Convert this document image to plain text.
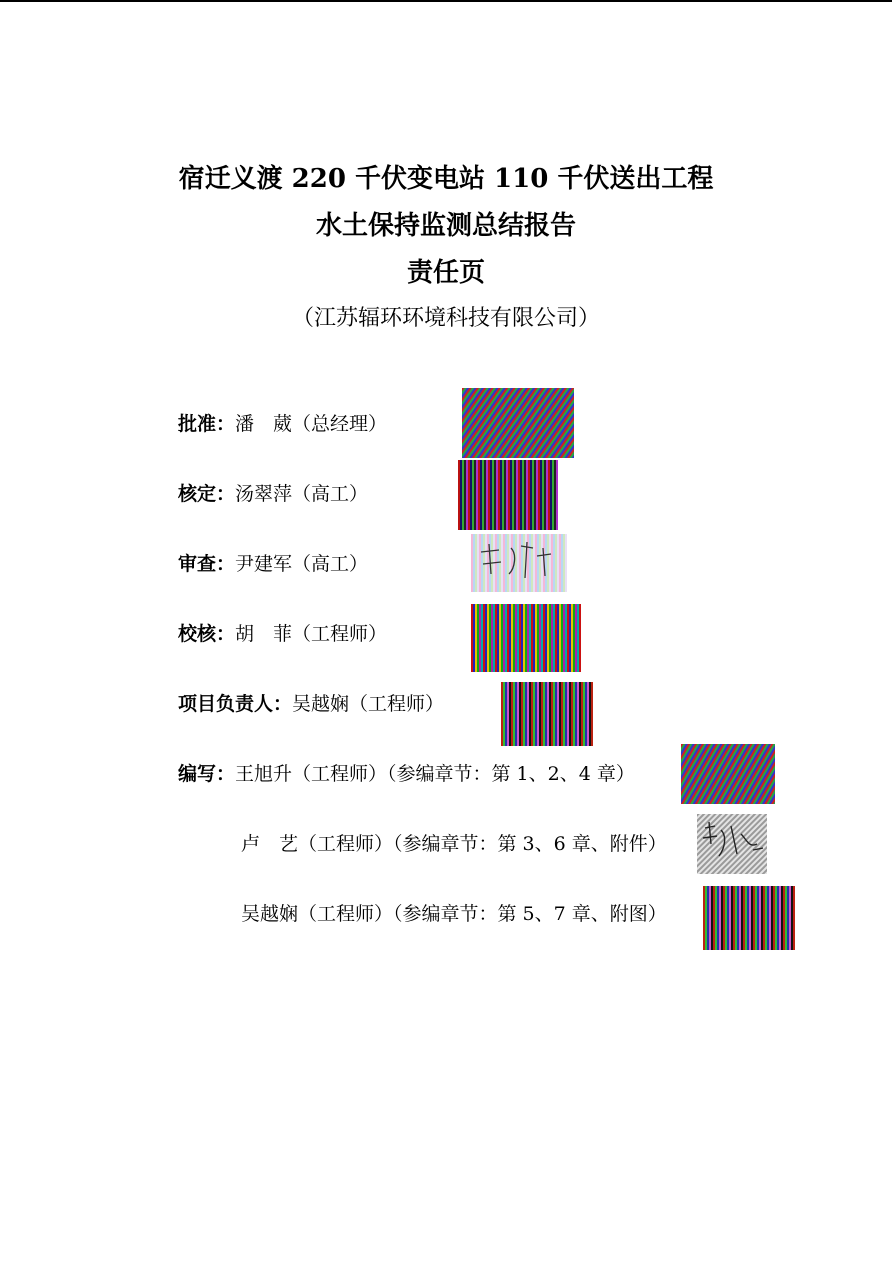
宿迁义渡 220 千伏变电站 110 千伏送出工程
水土保持监测总结报告
责任页
（江苏辐环环境科技有限公司）
批准：潘　葳（总经理）
核定：汤翠萍（高工）
审查：尹建军（高工）
校核：胡　菲（工程师）
项目负责人：吴越娴（工程师）
编写：王旭升（工程师）（参编章节：第 1、2、4 章）
卢　艺（工程师）（参编章节：第 3、6 章、附件）
吴越娴（工程师）（参编章节：第 5、7 章、附图）
